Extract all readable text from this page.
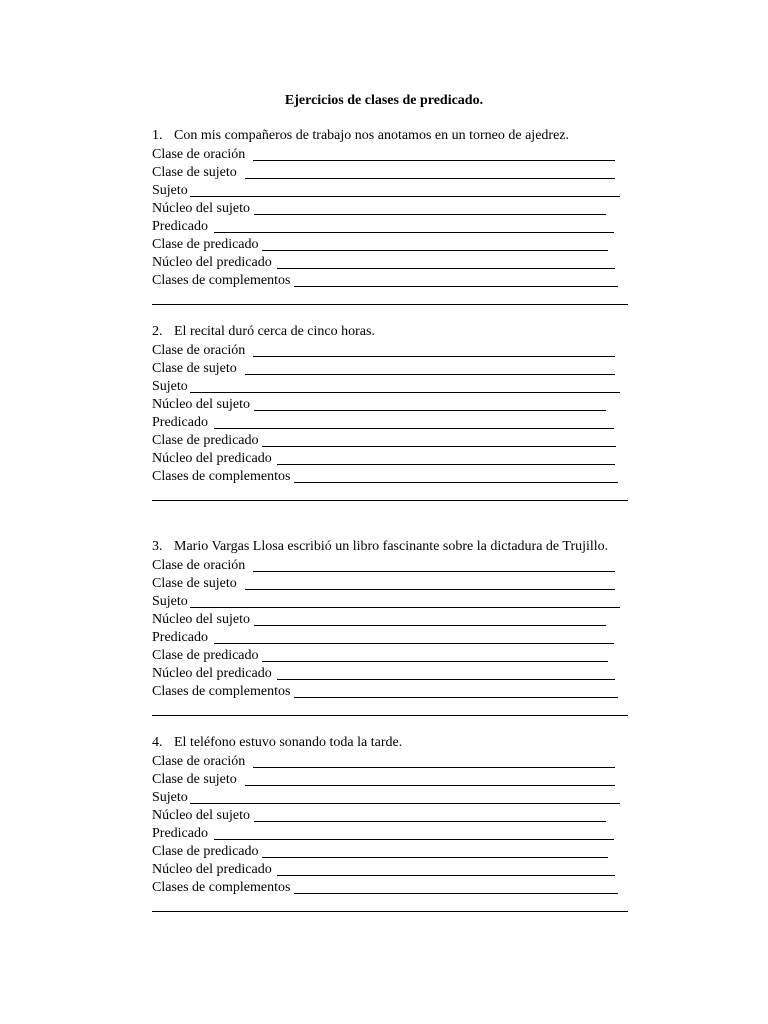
Ejercicios de clases de predicado.
1. Con mis compañeros de trabajo nos anotamos en un torneo de ajedrez.
Clase de oración
Clase de sujeto
Sujeto
Núcleo del sujeto
Predicado
Clase de predicado
Núcleo del predicado
Clases de complementos
2. El recital duró cerca de cinco horas.
Clase de oración
Clase de sujeto
Sujeto
Núcleo del sujeto
Predicado
Clase de predicado
Núcleo del predicado
Clases de complementos
3. Mario Vargas Llosa escribió un libro fascinante sobre la dictadura de Trujillo.
Clase de oración
Clase de sujeto
Sujeto
Núcleo del sujeto
Predicado
Clase de predicado
Núcleo del predicado
Clases de complementos
4. El teléfono estuvo sonando toda la tarde.
Clase de oración
Clase de sujeto
Sujeto
Núcleo del sujeto
Predicado
Clase de predicado
Núcleo del predicado
Clases de complementos
